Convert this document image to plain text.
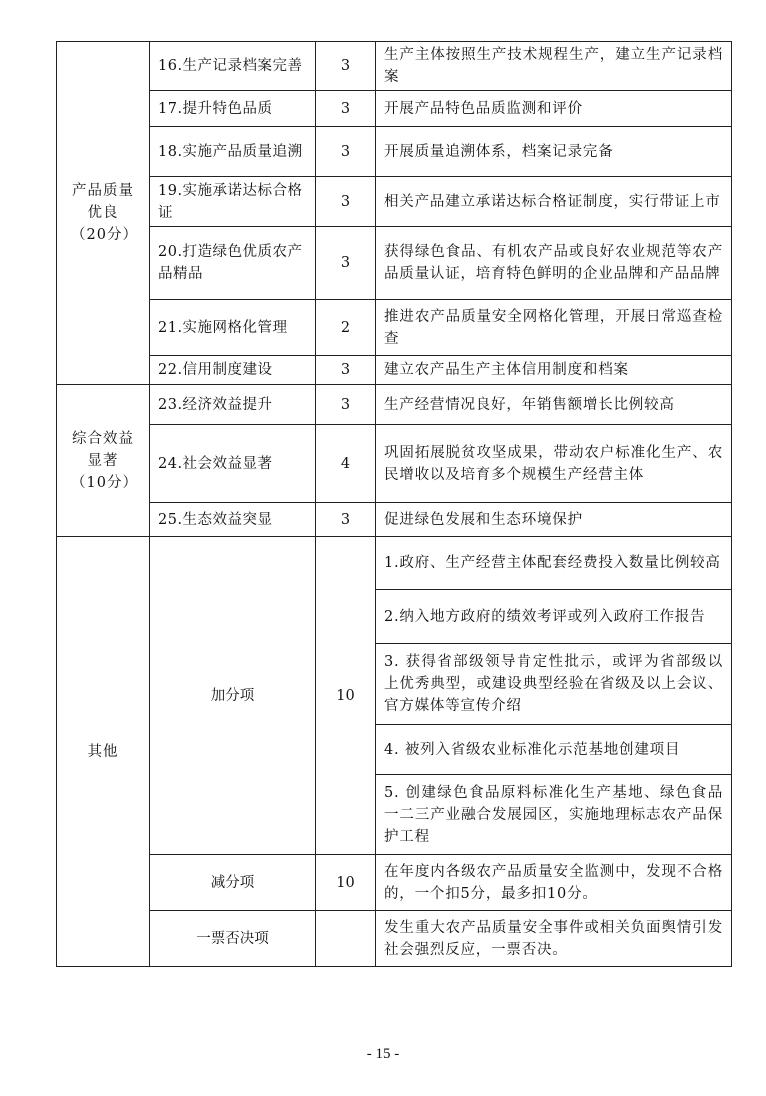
产品质量优良（20分）	16.生产记录档案完善	3	生产主体按照生产技术规程生产，建立生产记录档案
	17.提升特色品质	3	开展产品特色品质监测和评价
	18.实施产品质量追溯	3	开展质量追溯体系，档案记录完备
	19.实施承诺达标合格证	3	相关产品建立承诺达标合格证制度，实行带证上市
	20.打造绿色优质农产品精品	3	获得绿色食品、有机农产品或良好农业规范等农产品质量认证，培育特色鲜明的企业品牌和产品品牌
	21.实施网格化管理	2	推进农产品质量安全网格化管理，开展日常巡查检查
	22.信用制度建设	3	建立农产品生产主体信用制度和档案

综合效益显著（10分）	23.经济效益提升	3	生产经营情况良好，年销售额增长比例较高
	24.社会效益显著	4	巩固拓展脱贫攻坚成果，带动农户标准化生产、农民增收以及培育多个规模生产经营主体
	25.生态效益突显	3	促进绿色发展和生态环境保护
其他	加分项	10	1.政府、生产经营主体配套经费投入数量比例较高
			2.纳入地方政府的绩效考评或列入政府工作报告
			3. 获得省部级领导肯定性批示，或评为省部级以上优秀典型，或建设典型经验在省级及以上会议、官方媒体等宣传介绍
			4. 被列入省级农业标准化示范基地创建项目
			5. 创建绿色食品原料标准化生产基地、绿色食品一二三产业融合发展园区，实施地理标志农产品保护工程
	减分项	10	在年度内各级农产品质量安全监测中，发现不合格的，一个扣5分，最多扣10分。
	一票否决项		发生重大农产品质量安全事件或相关负面舆情引发社会强烈反应，一票否决。
- 15 -
